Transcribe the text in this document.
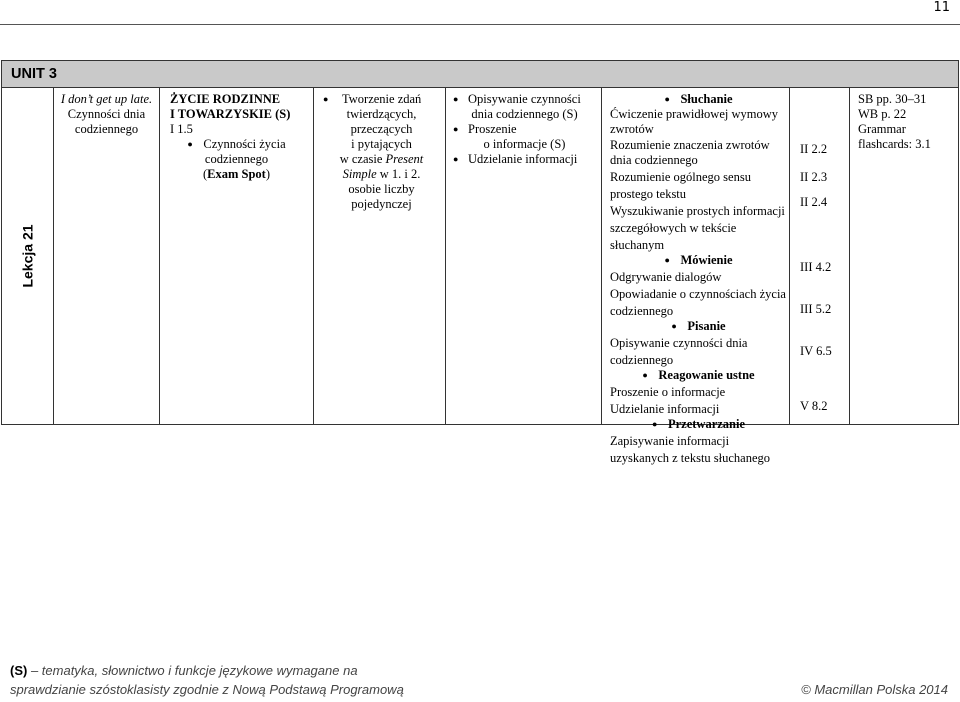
11
UNIT 3
Lekcja 21
I don’t get up late.
Czynności dnia codziennego
ŻYCIE RODZINNE
I TOWARZYSKIE (S)
I 1.5
● Czynności życia
codziennego
(Exam Spot)
● Tworzenie zdań
twierdzących,
przeczących
i pytających
w czasie Present
Simple w 1. i 2.
osobie liczby
pojedynczej
● Opisywanie czynności
dnia codziennego (S)
● Proszenie
o informacje (S)
● Udzielanie informacji
● Słuchanie
Ćwiczenie prawidłowej wymowy
zwrotów
Rozumienie znaczenia zwrotów
dnia codziennego
Rozumienie ogólnego sensu
prostego tekstu
Wyszukiwanie prostych informacji
szczegółowych w tekście
słuchanym
● Mówienie
Odgrywanie dialogów
Opowiadanie o czynnościach życia
codziennego
● Pisanie
Opisywanie czynności dnia
codziennego
● Reagowanie ustne
Proszenie o informacje
Udzielanie informacji
● Przetwarzanie
Zapisywanie informacji
uzyskanych z tekstu słuchanego
II 2.2
II 2.3
II 2.4
III 4.2
III 5.2
IV 6.5
V 8.2
SB pp. 30–31
WB p. 22
Grammar
flashcards: 3.1
(S) – tematyka, słownictwo i funkcje językowe wymagane na
sprawdzianie szóstoklasisty zgodnie z Nową Podstawą Programową	© Macmillan Polska 2014
